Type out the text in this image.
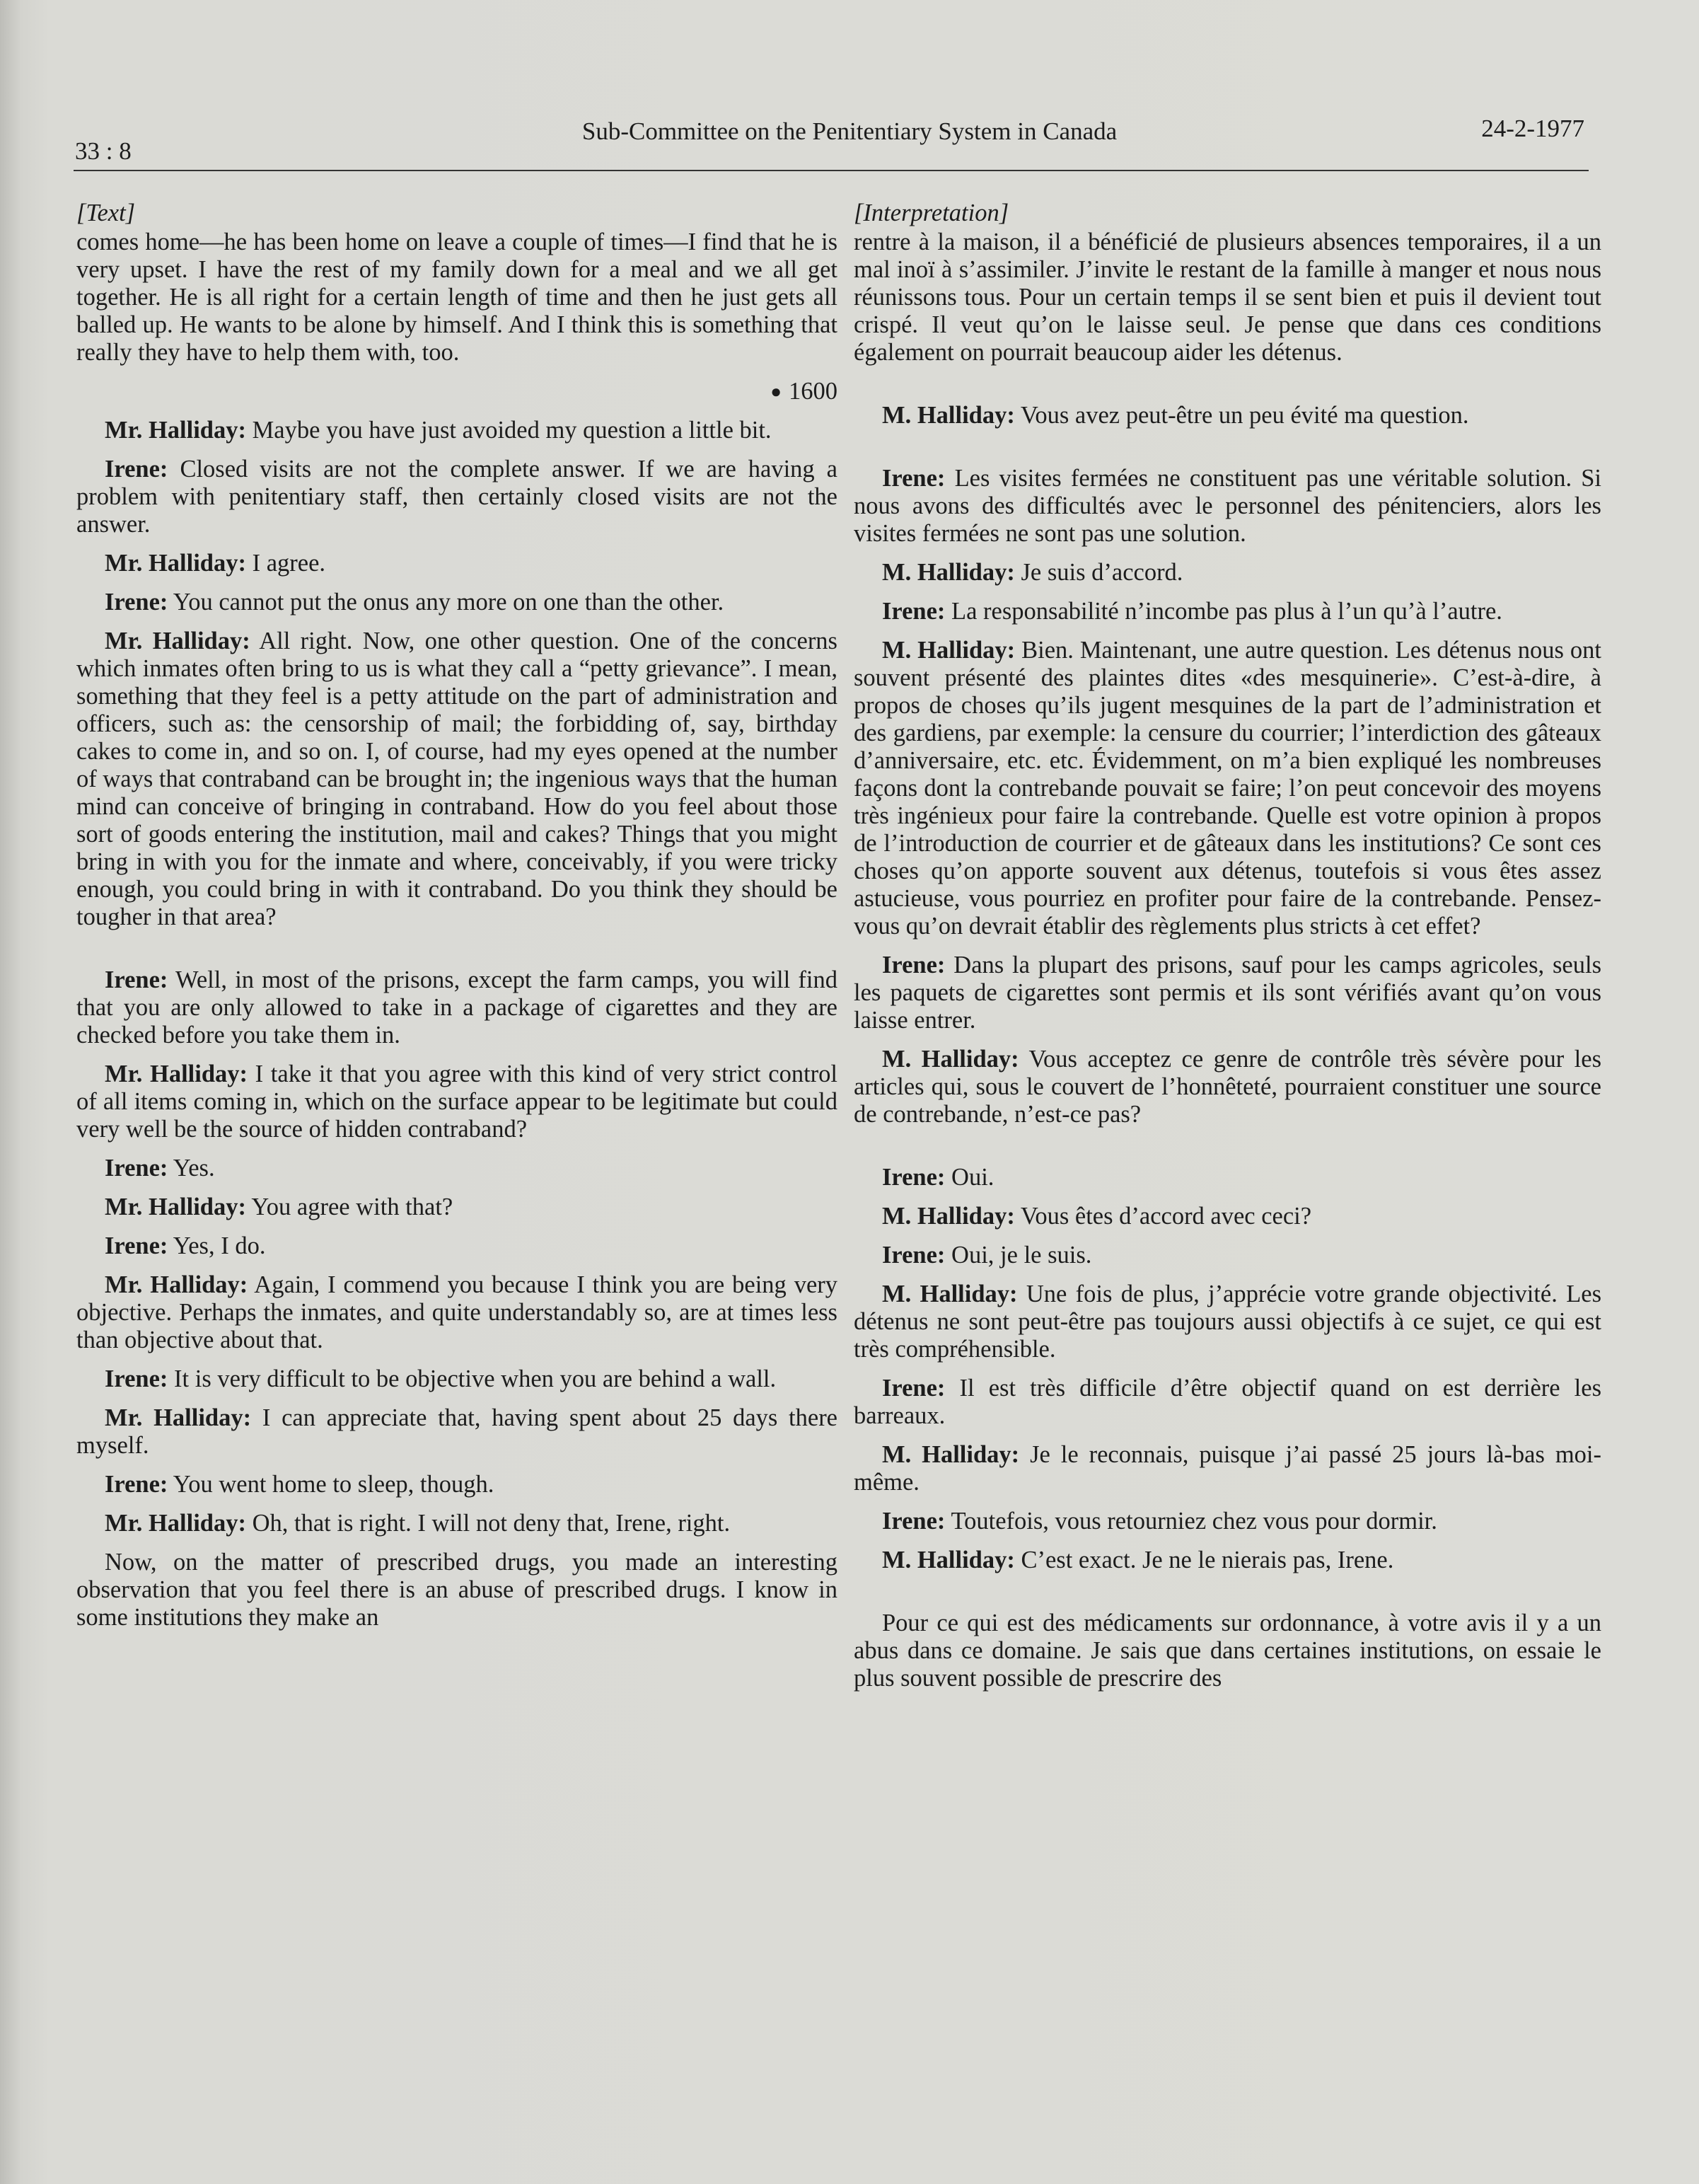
33 : 8
Sub-Committee on the Penitentiary System in Canada	24-2-1977
[Text]

comes home—he has been home on leave a couple of times—I find that he is very upset. I have the rest of my family down for a meal and we all get together. He is all right for a certain length of time and then he just gets all balled up. He wants to be alone by himself. And I think this is something that really they have to help them with, too.

● 1600

Mr. Halliday: Maybe you have just avoided my question a little bit.

Irene: Closed visits are not the complete answer. If we are having a problem with penitentiary staff, then certainly closed visits are not the answer.

Mr. Halliday: I agree.

Irene: You cannot put the onus any more on one than the other.

Mr. Halliday: All right. Now, one other question. One of the concerns which inmates often bring to us is what they call a “petty grievance”. I mean, something that they feel is a petty attitude on the part of administration and officers, such as: the censorship of mail; the forbidding of, say, birthday cakes to come in, and so on. I, of course, had my eyes opened at the number of ways that contraband can be brought in; the ingenious ways that the human mind can conceive of bringing in contraband. How do you feel about those sort of goods entering the institution, mail and cakes? Things that you might bring in with you for the inmate and where, conceivably, if you were tricky enough, you could bring in with it contraband. Do you think they should be tougher in that area?

Irene: Well, in most of the prisons, except the farm camps, you will find that you are only allowed to take in a package of cigarettes and they are checked before you take them in.

Mr. Halliday: I take it that you agree with this kind of very strict control of all items coming in, which on the surface appear to be legitimate but could very well be the source of hidden contraband?

Irene: Yes.

Mr. Halliday: You agree with that?

Irene: Yes, I do.

Mr. Halliday: Again, I commend you because I think you are being very objective. Perhaps the inmates, and quite understandably so, are at times less than objective about that.

Irene: It is very difficult to be objective when you are behind a wall.

Mr. Halliday: I can appreciate that, having spent about 25 days there myself.

Irene: You went home to sleep, though.

Mr. Halliday: Oh, that is right. I will not deny that, Irene, right.

Now, on the matter of prescribed drugs, you made an interesting observation that you feel there is an abuse of prescribed drugs. I know in some institutions they make an

[Interpretation]

rentre à la maison, il a bénéficié de plusieurs absences temporaires, il a un mal inoï à s’assimiler. J’invite le restant de la famille à manger et nous nous réunissons tous. Pour un certain temps il se sent bien et puis il devient tout crispé. Il veut qu’on le laisse seul. Je pense que dans ces conditions également on pourrait beaucoup aider les détenus.

M. Halliday: Vous avez peut-être un peu évité ma question.

Irene: Les visites fermées ne constituent pas une véritable solution. Si nous avons des difficultés avec le personnel des pénitenciers, alors les visites fermées ne sont pas une solution.

M. Halliday: Je suis d’accord.

Irene: La responsabilité n’incombe pas plus à l’un qu’à l’autre.

M. Halliday: Bien. Maintenant, une autre question. Les détenus nous ont souvent présenté des plaintes dites «des mesquinerie». C’est-à-dire, à propos de choses qu’ils jugent mesquines de la part de l’administration et des gardiens, par exemple: la censure du courrier; l’interdiction des gâteaux d’anniversaire, etc. etc. Évidemment, on m’a bien expliqué les nombreuses façons dont la contrebande pouvait se faire; l’on peut concevoir des moyens très ingénieux pour faire la contrebande. Quelle est votre opinion à propos de l’introduction de courrier et de gâteaux dans les institutions? Ce sont ces choses qu’on apporte souvent aux détenus, toutefois si vous êtes assez astucieuse, vous pourriez en profiter pour faire de la contrebande. Pensez-vous qu’on devrait établir des règlements plus stricts à cet effet?

Irene: Dans la plupart des prisons, sauf pour les camps agricoles, seuls les paquets de cigarettes sont permis et ils sont vérifiés avant qu’on vous laisse entrer.

M. Halliday: Vous acceptez ce genre de contrôle très sévère pour les articles qui, sous le couvert de l’honnêteté, pourraient constituer une source de contrebande, n’est-ce pas?

Irene: Oui.

M. Halliday: Vous êtes d’accord avec ceci?

Irene: Oui, je le suis.

M. Halliday: Une fois de plus, j’apprécie votre grande objectivité. Les détenus ne sont peut-être pas toujours aussi objectifs à ce sujet, ce qui est très compréhensible.

Irene: Il est très difficile d’être objectif quand on est derrière les barreaux.

M. Halliday: Je le reconnais, puisque j’ai passé 25 jours là-bas moi-même.

Irene: Toutefois, vous retourniez chez vous pour dormir.

M. Halliday: C’est exact. Je ne le nierais pas, Irene.

Pour ce qui est des médicaments sur ordonnance, à votre avis il y a un abus dans ce domaine. Je sais que dans certaines institutions, on essaie le plus souvent possible de prescrire des
